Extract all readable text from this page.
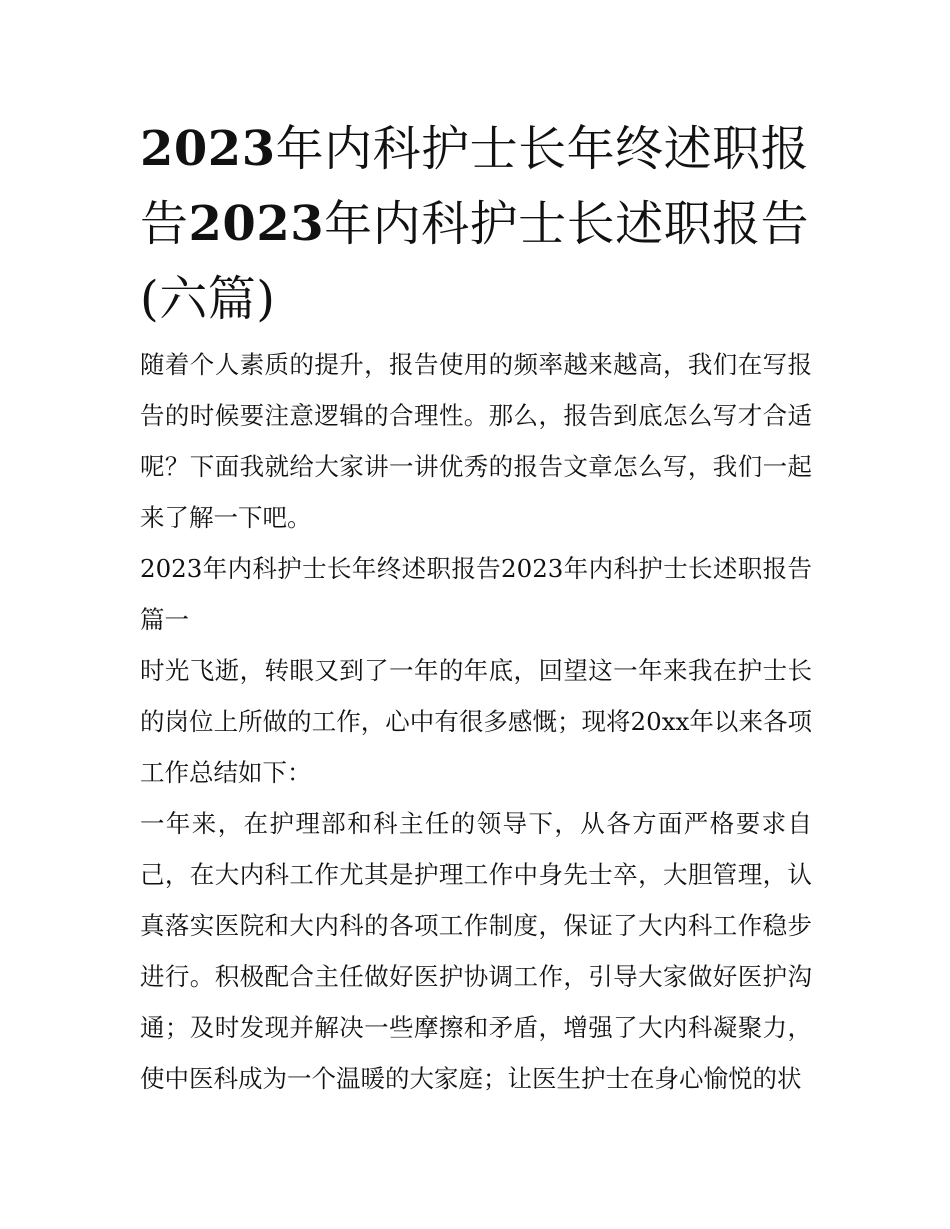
2023年内科护士长年终述职报告2023年内科护士长述职报告(六篇)

随着个人素质的提升，报告使用的频率越来越高，我们在写报告的时候要注意逻辑的合理性。那么，报告到底怎么写才合适呢？下面我就给大家讲一讲优秀的报告文章怎么写，我们一起来了解一下吧。

2023年内科护士长年终述职报告2023年内科护士长述职报告篇一

时光飞逝，转眼又到了一年的年底，回望这一年来我在护士长的岗位上所做的工作，心中有很多感慨；现将20xx年以来各项工作总结如下：

一年来，在护理部和科主任的领导下，从各方面严格要求自己，在大内科工作尤其是护理工作中身先士卒，大胆管理，认真落实医院和大内科的各项工作制度，保证了大内科工作稳步进行。积极配合主任做好医护协调工作，引导大家做好医护沟通；及时发现并解决一些摩擦和矛盾，增强了大内科凝聚力，使中医科成为一个温暖的大家庭；让医生护士在身心愉悦的状
